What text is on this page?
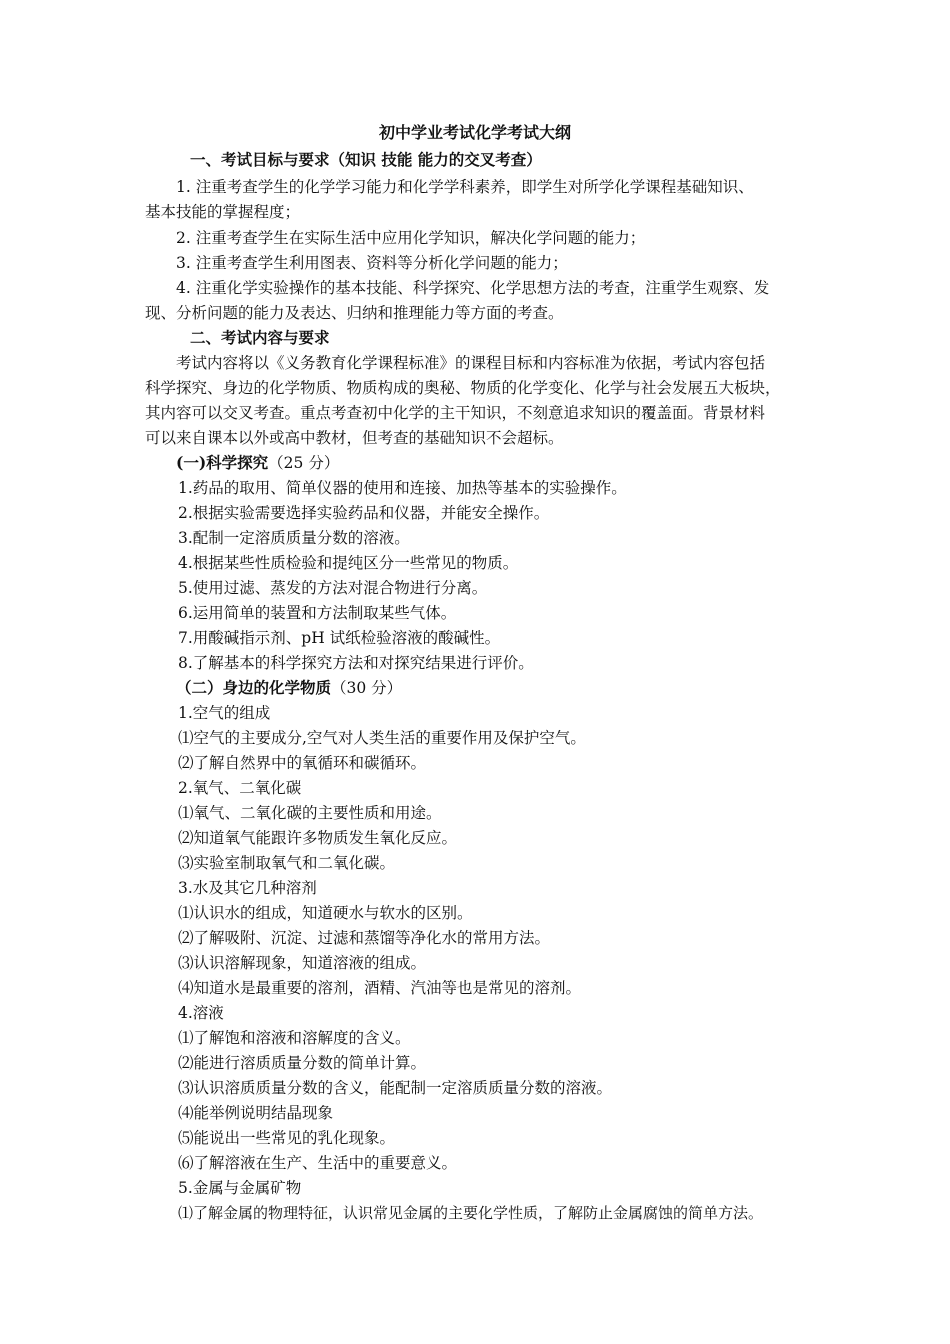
初中学业考试化学考试大纲
一、考试目标与要求（知识 技能 能力的交叉考查）
1. 注重考查学生的化学学习能力和化学学科素养，即学生对所学化学课程基础知识、
基本技能的掌握程度；
2. 注重考查学生在实际生活中应用化学知识，解决化学问题的能力；
3. 注重考查学生利用图表、资料等分析化学问题的能力；
4. 注重化学实验操作的基本技能、科学探究、化学思想方法的考查，注重学生观察、发
现、分析问题的能力及表达、归纳和推理能力等方面的考查。
二、考试内容与要求
考试内容将以《义务教育化学课程标准》的课程目标和内容标准为依据，考试内容包括
科学探究、身边的化学物质、物质构成的奥秘、物质的化学变化、化学与社会发展五大板块，
其内容可以交叉考查。重点考查初中化学的主干知识，不刻意追求知识的覆盖面。背景材料
可以来自课本以外或高中教材，但考查的基础知识不会超标。
(一)科学探究（25 分）
1.药品的取用、简单仪器的使用和连接、加热等基本的实验操作。
2.根据实验需要选择实验药品和仪器，并能安全操作。
3.配制一定溶质质量分数的溶液。
4.根据某些性质检验和提纯区分一些常见的物质。
5.使用过滤、蒸发的方法对混合物进行分离。
6.运用简单的装置和方法制取某些气体。
7.用酸碱指示剂、pH 试纸检验溶液的酸碱性。
8.了解基本的科学探究方法和对探究结果进行评价。
（二）身边的化学物质（30 分）
1.空气的组成
⑴空气的主要成分,空气对人类生活的重要作用及保护空气。
⑵了解自然界中的氧循环和碳循环。
2.氧气、二氧化碳
⑴氧气、二氧化碳的主要性质和用途。
⑵知道氧气能跟许多物质发生氧化反应。
⑶实验室制取氧气和二氧化碳。
3.水及其它几种溶剂
⑴认识水的组成，知道硬水与软水的区别。
⑵了解吸附、沉淀、过滤和蒸馏等净化水的常用方法。
⑶认识溶解现象，知道溶液的组成。
⑷知道水是最重要的溶剂，酒精、汽油等也是常见的溶剂。
4.溶液
⑴了解饱和溶液和溶解度的含义。
⑵能进行溶质质量分数的简单计算。
⑶认识溶质质量分数的含义，能配制一定溶质质量分数的溶液。
⑷能举例说明结晶现象
⑸能说出一些常见的乳化现象。
⑹了解溶液在生产、生活中的重要意义。
5.金属与金属矿物
⑴了解金属的物理特征，认识常见金属的主要化学性质，了解防止金属腐蚀的简单方法。
